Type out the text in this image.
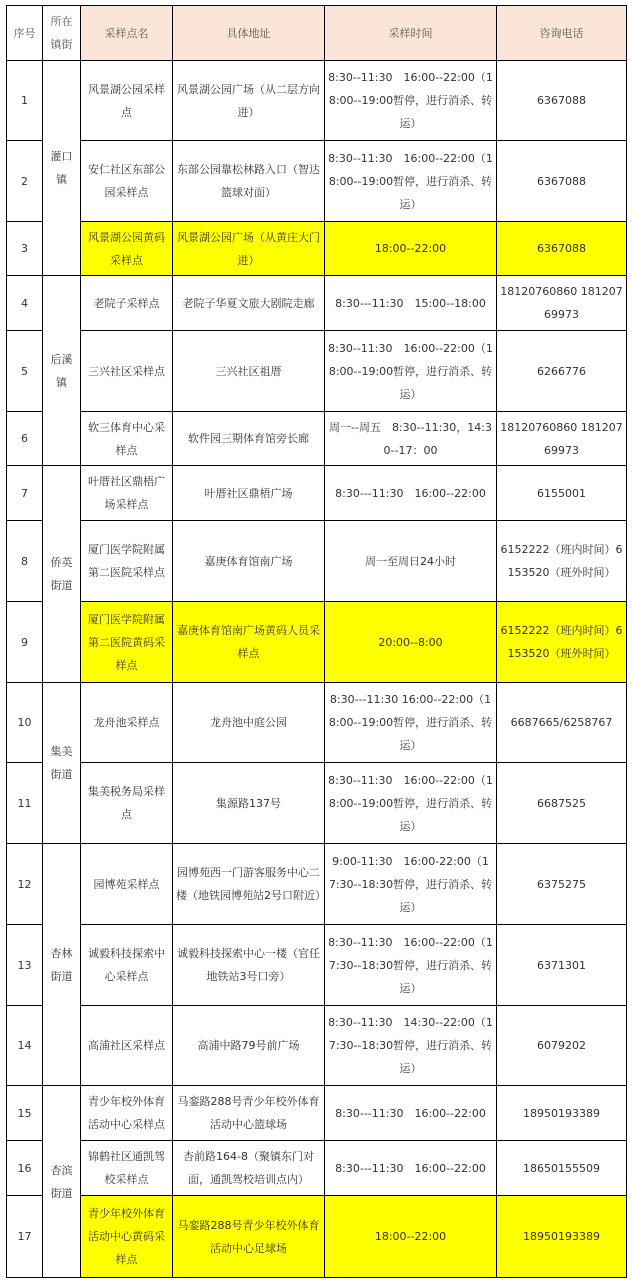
序号	所在镇街	采样点名	具体地址	采样时间	咨询电话
1	灌口镇	风景湖公园采样点	风景湖公园广场（从二层方向进）	8:30--11:30　16:00--22:00（18:00--19:00暂停，进行消杀、转运）	6367088
2		安仁社区东部公园采样点	东部公园靠松林路入口（智达篮球对面）	8:30--11:30　16:00--22:00（18:00--19:00暂停，进行消杀、转运）	6367088
3		风景湖公园黄码采样点	风景湖公园广场（从黄庄大门进）	18:00--22:00	6367088
4	后溪镇	老院子采样点	老院子华夏文旅大剧院走廊	8:30---11:30　15:00--18:00	18120760860 18120769973
5		三兴社区采样点	三兴社区祖厝	8:30--11:30　16:00--22:00（18:00--19:00暂停，进行消杀、转运）	6266776
6		软三体育中心采样点	软件园三期体育馆旁长廊	周一--周五　8:30--11:30，14:30--17：00	18120760860 18120769973
7	侨英街道	叶厝社区鼎梧广场采样点	叶厝社区鼎梧广场	8:30---11:30　16:00--22:00	6155001
8		厦门医学院附属第二医院采样点	嘉庚体育馆南广场	周一至周日24小时	6152222（班内时间）6153520（班外时间）
9		厦门医学院附属第二医院黄码采样点	嘉庚体育馆南广场黄码人员采样点	20:00--8:00	6152222（班内时间）6153520（班外时间）
10	集美街道	龙舟池采样点	龙舟池中庭公园	8:30---11:30 16:00--22:00（18:00--19:00暂停，进行消杀、转运）	6687665/6258767
11		集美税务局采样点	集源路137号	8:30--11:30　16:00--22:00（18:00--19:00暂停，进行消杀、转运）	6687525
12	杏林街道	园博苑采样点	园博苑西一门游客服务中心二楼（地铁园博苑站2号口附近）	9:00-11:30　16:00-22:00（17:30--18:30暂停，进行消杀、转运）	6375275
13		诚毅科技探索中心采样点	诚毅科技探索中心一楼（官任地铁站3号口旁）	8:30--11:30　16:00--22:00（17:30--18:30暂停，进行消杀、转运）	6371301
14		高浦社区采样点	高浦中路79号前广场	8:30--11:30　14:30--22:00（17:30--18:30暂停，进行消杀、转运）	6079202
15	杏滨街道	青少年校外体育活动中心采样点	马銮路288号青少年校外体育活动中心篮球场	8:30---11:30　16:00--22:00	18950193389
16		锦鹤社区通凯驾校采样点	杏前路164-8（聚镇东门对面，通凯驾校培训点内）	8:30---11:30　16:00--22:00	18650155509
17		青少年校外体育活动中心黄码采样点	马銮路288号青少年校外体育活动中心足球场	18:00--22:00	18950193389
